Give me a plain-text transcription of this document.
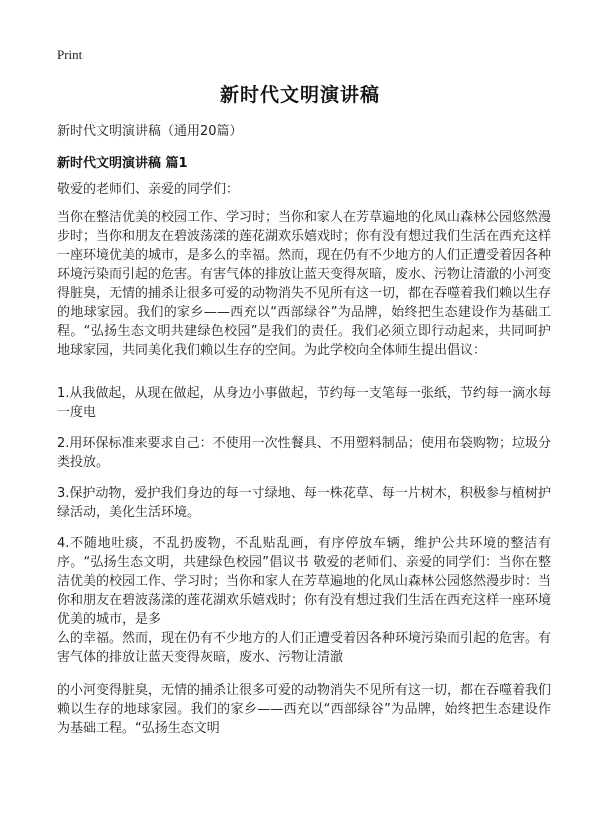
Print
新时代文明演讲稿
新时代文明演讲稿（通用20篇）
新时代文明演讲稿 篇1

敬爱的老师们、亲爱的同学们：

当你在整洁优美的校园工作、学习时；当你和家人在芳草遍地的化凤山森林公园悠然漫步时；当你和朋友在碧波荡漾的莲花湖欢乐嬉戏时；你有没有想过我们生活在西充这样一座环境优美的城市，是多么的幸福。然而，现在仍有不少地方的人们正遭受着因各种环境污染而引起的危害。有害气体的排放让蓝天变得灰暗，废水、污物让清澈的小河变得脏臭，无情的捕杀让很多可爱的动物消失不见所有这一切，都在吞噬着我们赖以生存的地球家园。我们的家乡——西充以“西部绿谷”为品牌，始终把生态建设作为基础工程。“弘扬生态文明共建绿色校园”是我们的责任。我们必须立即行动起来，共同呵护地球家园，共同美化我们赖以生存的空间。为此学校向全体师生提出倡议：

1.从我做起，从现在做起，从身边小事做起，节约每一支笔每一张纸，节约每一滴水每一度电

2.用环保标准来要求自己：不使用一次性餐具、不用塑料制品；使用布袋购物；垃圾分类投放。

3.保护动物，爱护我们身边的每一寸绿地、每一株花草、每一片树木，积极参与植树护绿活动，美化生活环境。

4.不随地吐痰，不乱扔废物，不乱贴乱画，有序停放车辆，维护公共环境的整洁有序。“弘扬生态文明，共建绿色校园”倡议书 敬爱的老师们、亲爱的同学们：当你在整洁优美的校园工作、学习时；当你和家人在芳草遍地的化凤山森林公园悠然漫步时：当你和朋友在碧波荡漾的莲花湖欢乐嬉戏时；你有没有想过我们生活在西充这样一座环境优美的城市，是多

么的幸福。然而，现在仍有不少地方的人们正遭受着因各种环境污染而引起的危害。有害气体的排放让蓝天变得灰暗，废水、污物让清澈

的小河变得脏臭，无情的捕杀让很多可爱的动物消失不见所有这一切，都在吞噬着我们赖以生存的地球家园。我们的家乡——西充以“西部绿谷”为品牌，始终把生态建设作为基础工程。“弘扬生态文明
